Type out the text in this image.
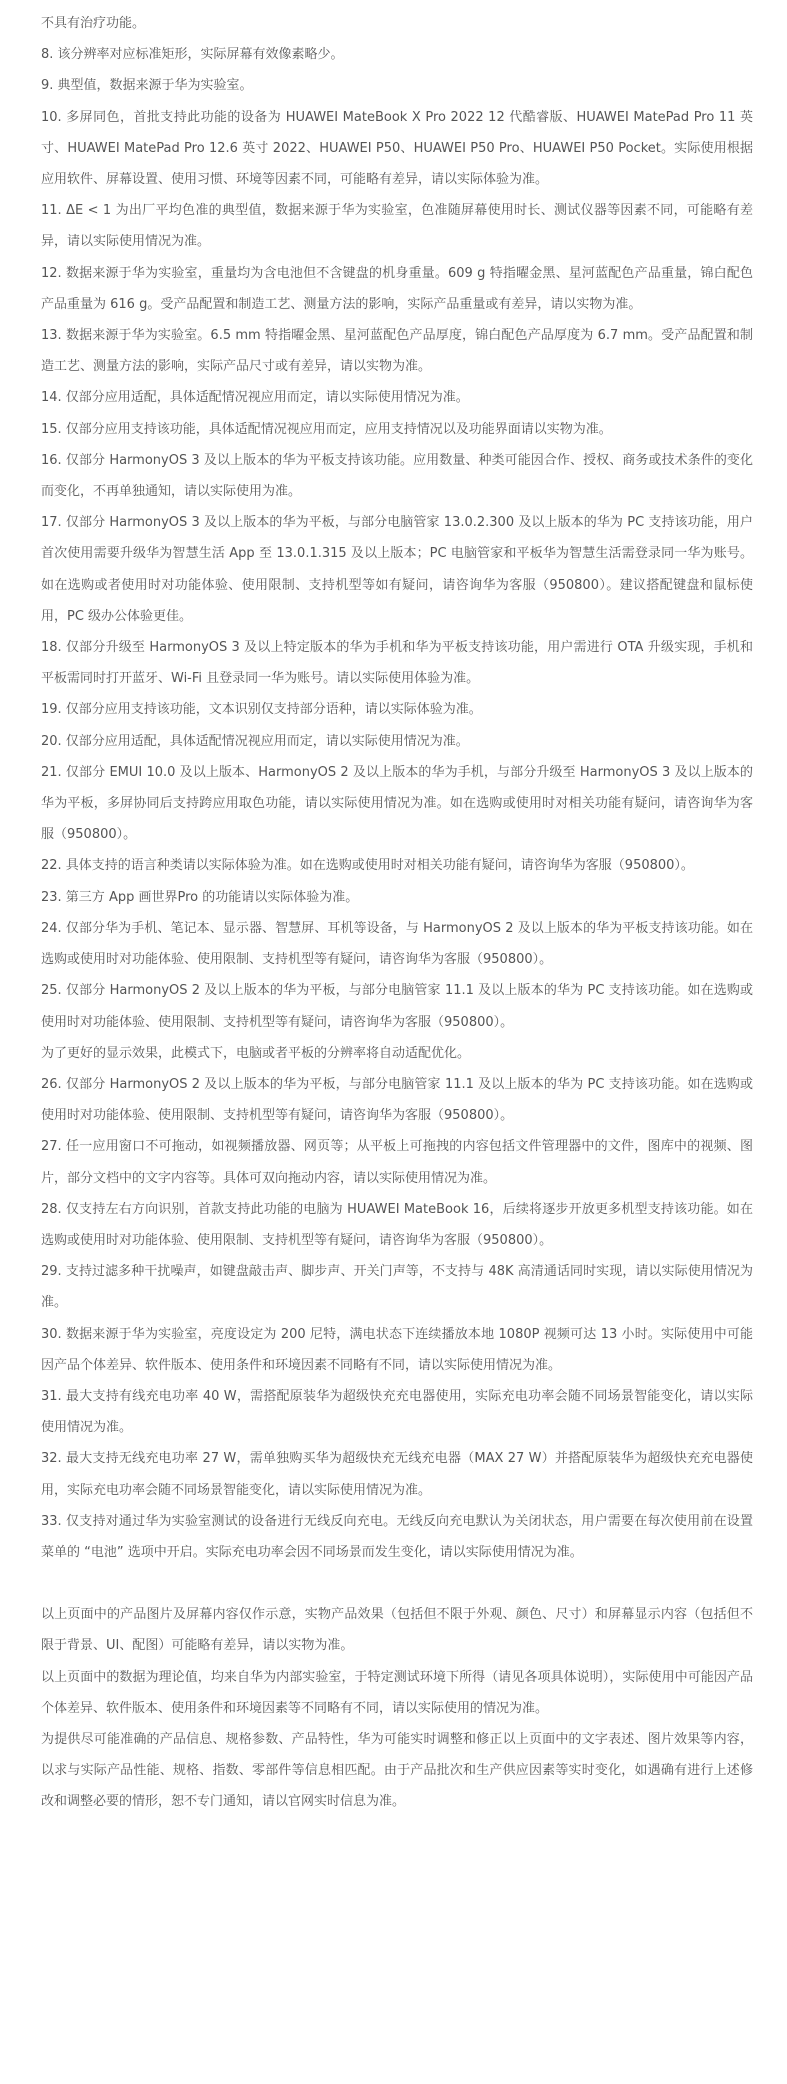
不具有治疗功能。

8. 该分辨率对应标准矩形，实际屏幕有效像素略少。

9. 典型值，数据来源于华为实验室。

10. 多屏同色，首批支持此功能的设备为 HUAWEI MateBook X Pro 2022 12 代酷睿版、HUAWEI MatePad Pro 11 英寸、HUAWEI MatePad Pro 12.6 英寸 2022、HUAWEI P50、HUAWEI P50 Pro、HUAWEI P50 Pocket。实际使用根据应用软件、屏幕设置、使用习惯、环境等因素不同，可能略有差异，请以实际体验为准。

11. ΔE < 1 为出厂平均色准的典型值，数据来源于华为实验室，色准随屏幕使用时长、测试仪器等因素不同，可能略有差异，请以实际使用情况为准。

12. 数据来源于华为实验室，重量均为含电池但不含键盘的机身重量。609 g 特指曜金黑、星河蓝配色产品重量，锦白配色产品重量为 616 g。受产品配置和制造工艺、测量方法的影响，实际产品重量或有差异，请以实物为准。

13. 数据来源于华为实验室。6.5 mm 特指曜金黑、星河蓝配色产品厚度，锦白配色产品厚度为 6.7 mm。受产品配置和制造工艺、测量方法的影响，实际产品尺寸或有差异，请以实物为准。

14. 仅部分应用适配，具体适配情况视应用而定，请以实际使用情况为准。

15. 仅部分应用支持该功能，具体适配情况视应用而定，应用支持情况以及功能界面请以实物为准。

16. 仅部分 HarmonyOS 3 及以上版本的华为平板支持该功能。应用数量、种类可能因合作、授权、商务或技术条件的变化而变化，不再单独通知，请以实际使用为准。

17. 仅部分 HarmonyOS 3 及以上版本的华为平板，与部分电脑管家 13.0.2.300 及以上版本的华为 PC 支持该功能，用户首次使用需要升级华为智慧生活 App 至 13.0.1.315 及以上版本；PC 电脑管家和平板华为智慧生活需登录同一华为账号。如在选购或者使用时对功能体验、使用限制、支持机型等如有疑问，请咨询华为客服（950800）。建议搭配键盘和鼠标使用，PC 级办公体验更佳。

18. 仅部分升级至 HarmonyOS 3 及以上特定版本的华为手机和华为平板支持该功能，用户需进行 OTA 升级实现，手机和平板需同时打开蓝牙、Wi-Fi 且登录同一华为账号。请以实际使用体验为准。

19. 仅部分应用支持该功能，文本识别仅支持部分语种，请以实际体验为准。

20. 仅部分应用适配，具体适配情况视应用而定，请以实际使用情况为准。

21. 仅部分 EMUI 10.0 及以上版本、HarmonyOS 2 及以上版本的华为手机，与部分升级至 HarmonyOS 3 及以上版本的华为平板，多屏协同后支持跨应用取色功能，请以实际使用情况为准。如在选购或使用时对相关功能有疑问，请咨询华为客服（950800）。

22. 具体支持的语言种类请以实际体验为准。如在选购或使用时对相关功能有疑问，请咨询华为客服（950800）。

23. 第三方 App 画世界Pro 的功能请以实际体验为准。

24. 仅部分华为手机、笔记本、显示器、智慧屏、耳机等设备，与 HarmonyOS 2 及以上版本的华为平板支持该功能。如在选购或使用时对功能体验、使用限制、支持机型等有疑问，请咨询华为客服（950800）。

25. 仅部分 HarmonyOS 2 及以上版本的华为平板，与部分电脑管家 11.1 及以上版本的华为 PC 支持该功能。如在选购或使用时对功能体验、使用限制、支持机型等有疑问，请咨询华为客服（950800）。

为了更好的显示效果，此模式下，电脑或者平板的分辨率将自动适配优化。

26. 仅部分 HarmonyOS 2 及以上版本的华为平板，与部分电脑管家 11.1 及以上版本的华为 PC 支持该功能。如在选购或使用时对功能体验、使用限制、支持机型等有疑问，请咨询华为客服（950800）。

27. 任一应用窗口不可拖动，如视频播放器、网页等；从平板上可拖拽的内容包括文件管理器中的文件，图库中的视频、图片，部分文档中的文字内容等。具体可双向拖动内容，请以实际使用情况为准。

28. 仅支持左右方向识别，首款支持此功能的电脑为 HUAWEI MateBook 16，后续将逐步开放更多机型支持该功能。如在选购或使用时对功能体验、使用限制、支持机型等有疑问，请咨询华为客服（950800）。

29. 支持过滤多种干扰噪声，如键盘敲击声、脚步声、开关门声等，不支持与 48K 高清通话同时实现，请以实际使用情况为准。

30. 数据来源于华为实验室，亮度设定为 200 尼特，满电状态下连续播放本地 1080P 视频可达 13 小时。实际使用中可能因产品个体差异、软件版本、使用条件和环境因素不同略有不同，请以实际使用情况为准。

31. 最大支持有线充电功率 40 W，需搭配原装华为超级快充充电器使用，实际充电功率会随不同场景智能变化，请以实际使用情况为准。

32. 最大支持无线充电功率 27 W，需单独购买华为超级快充无线充电器（MAX 27 W）并搭配原装华为超级快充充电器使用，实际充电功率会随不同场景智能变化，请以实际使用情况为准。

33. 仅支持对通过华为实验室测试的设备进行无线反向充电。无线反向充电默认为关闭状态，用户需要在每次使用前在设置菜单的 “电池” 选项中开启。实际充电功率会因不同场景而发生变化，请以实际使用情况为准。

以上页面中的产品图片及屏幕内容仅作示意，实物产品效果（包括但不限于外观、颜色、尺寸）和屏幕显示内容（包括但不限于背景、UI、配图）可能略有差异，请以实物为准。

以上页面中的数据为理论值，均来自华为内部实验室，于特定测试环境下所得（请见各项具体说明），实际使用中可能因产品个体差异、软件版本、使用条件和环境因素等不同略有不同，请以实际使用的情况为准。

为提供尽可能准确的产品信息、规格参数、产品特性，华为可能实时调整和修正以上页面中的文字表述、图片效果等内容，以求与实际产品性能、规格、指数、零部件等信息相匹配。由于产品批次和生产供应因素等实时变化，如遇确有进行上述修改和调整必要的情形，恕不专门通知，请以官网实时信息为准。
